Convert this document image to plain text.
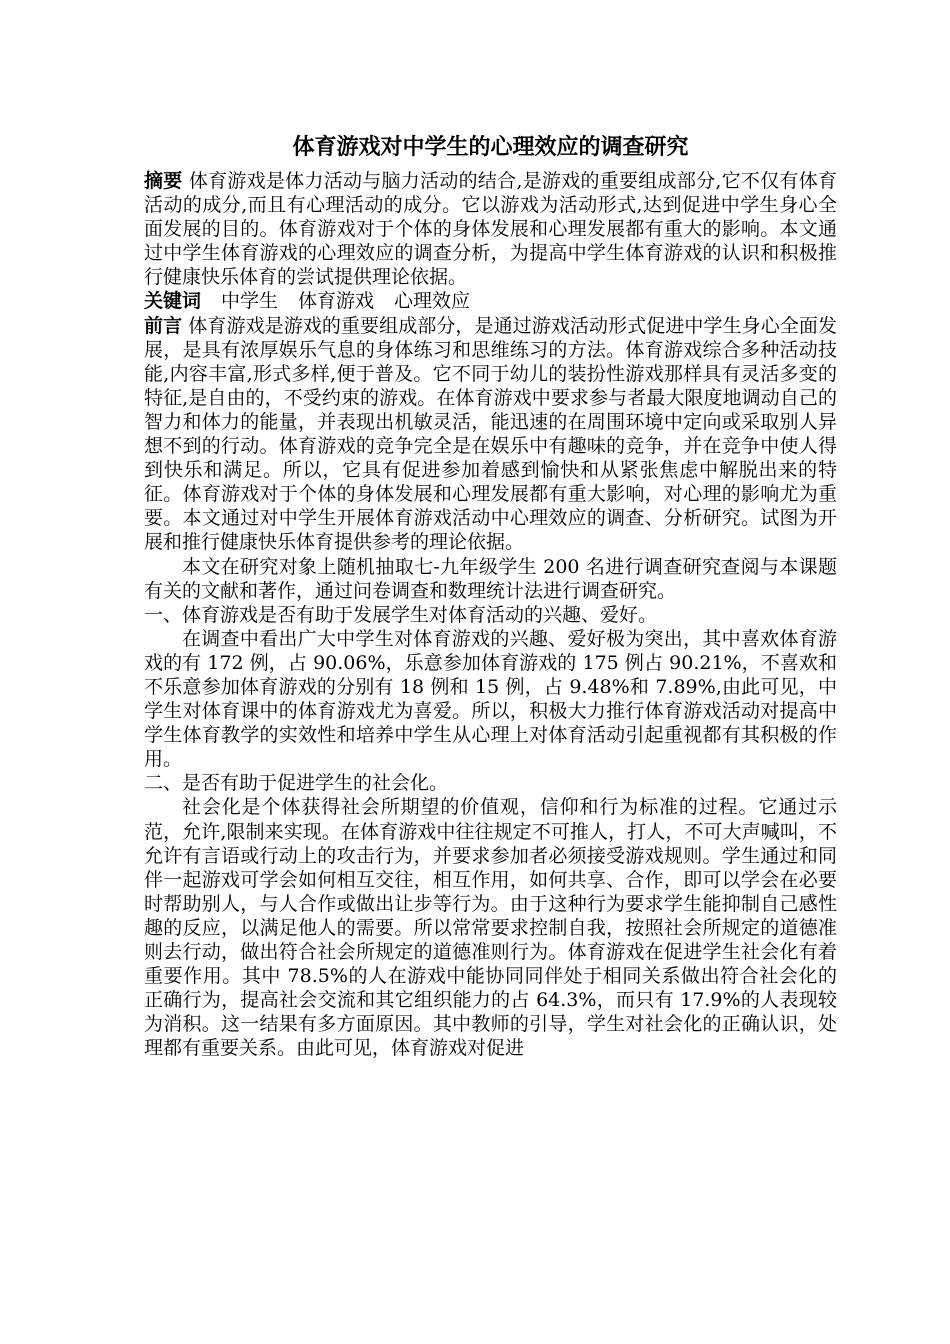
体育游戏对中学生的心理效应的调查研究

摘要 体育游戏是体力活动与脑力活动的结合,是游戏的重要组成部分,它不仅有体育活动的成分,而且有心理活动的成分。它以游戏为活动形式,达到促进中学生身心全面发展的目的。体育游戏对于个体的身体发展和心理发展都有重大的影响。本文通过中学生体育游戏的心理效应的调查分析，为提高中学生体育游戏的认识和积极推行健康快乐体育的尝试提供理论依据。

关键词 中学生 体育游戏 心理效应

前言 体育游戏是游戏的重要组成部分，是通过游戏活动形式促进中学生身心全面发展，是具有浓厚娱乐气息的身体练习和思维练习的方法。体育游戏综合多种活动技能,内容丰富,形式多样,便于普及。它不同于幼儿的装扮性游戏那样具有灵活多变的特征,是自由的，不受约束的游戏。在体育游戏中要求参与者最大限度地调动自己的智力和体力的能量，并表现出机敏灵活，能迅速的在周围环境中定向或采取别人异想不到的行动。体育游戏的竞争完全是在娱乐中有趣味的竞争，并在竞争中使人得到快乐和满足。所以，它具有促进参加着感到愉快和从紧张焦虑中解脱出来的特征。体育游戏对于个体的身体发展和心理发展都有重大影响，对心理的影响尤为重要。本文通过对中学生开展体育游戏活动中心理效应的调查、分析研究。试图为开展和推行健康快乐体育提供参考的理论依据。

本文在研究对象上随机抽取七-九年级学生 200 名进行调查研究查阅与本课题有关的文献和著作，通过问卷调查和数理统计法进行调查研究。

一、体育游戏是否有助于发展学生对体育活动的兴趣、爱好。

在调查中看出广大中学生对体育游戏的兴趣、爱好极为突出，其中喜欢体育游戏的有 172 例，占 90.06%，乐意参加体育游戏的 175 例占 90.21%，不喜欢和不乐意参加体育游戏的分别有 18 例和 15 例，占 9.48%和 7.89%,由此可见，中学生对体育课中的体育游戏尤为喜爱。所以，积极大力推行体育游戏活动对提高中学生体育教学的实效性和培养中学生从心理上对体育活动引起重视都有其积极的作用。

二、是否有助于促进学生的社会化。

社会化是个体获得社会所期望的价值观，信仰和行为标准的过程。它通过示范，允许,限制来实现。在体育游戏中往往规定不可推人，打人，不可大声喊叫，不允许有言语或行动上的攻击行为，并要求参加者必须接受游戏规则。学生通过和同伴一起游戏可学会如何相互交往，相互作用，如何共享、合作，即可以学会在必要时帮助别人，与人合作或做出让步等行为。由于这种行为要求学生能抑制自己感性趣的反应，以满足他人的需要。所以常常要求控制自我，按照社会所规定的道德准则去行动，做出符合社会所规定的道德准则行为。体育游戏在促进学生社会化有着重要作用。其中 78.5%的人在游戏中能协同同伴处于相同关系做出符合社会化的正确行为，提高社会交流和其它组织能力的占 64.3%，而只有 17.9%的人表现较为消积。这一结果有多方面原因。其中教师的引导，学生对社会化的正确认识，处理都有重要关系。由此可见，体育游戏对促进
